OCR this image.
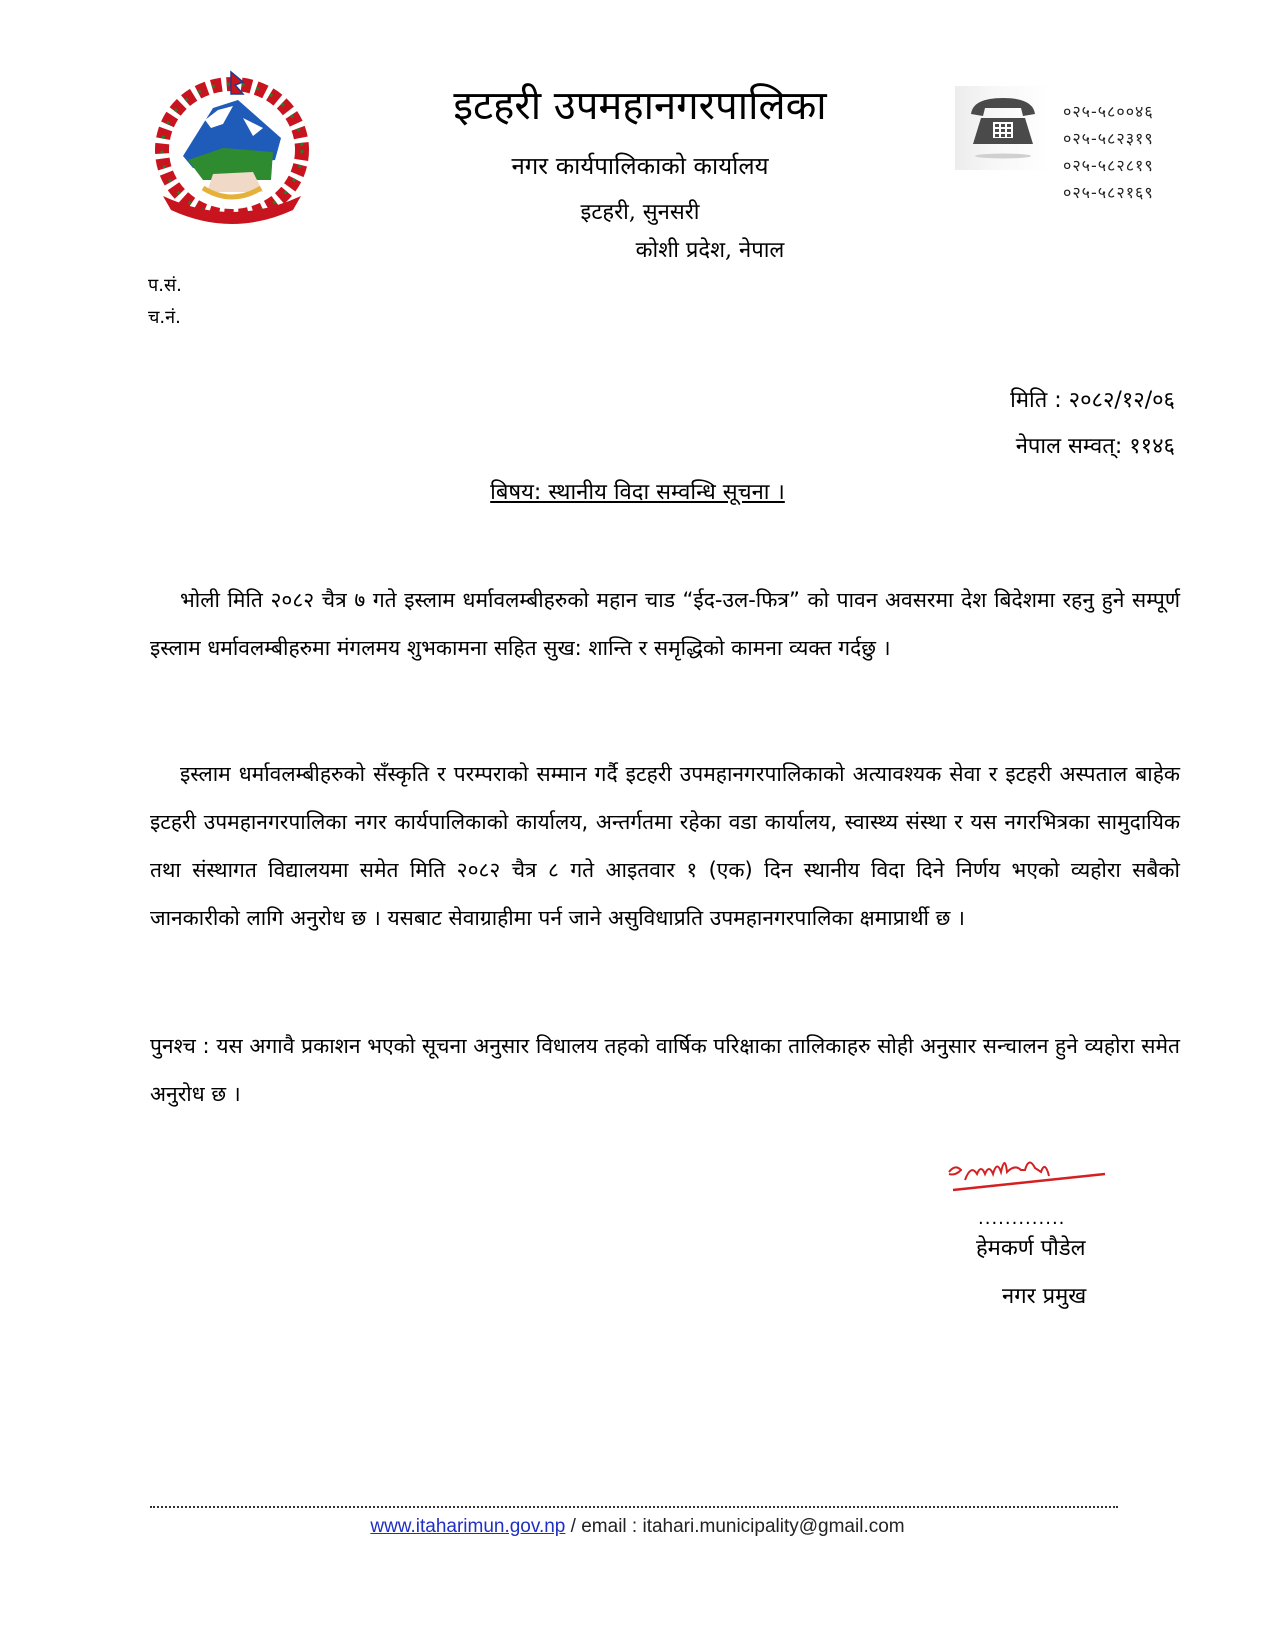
इटहरी उपमहानगरपालिका
नगर कार्यपालिकाको कार्यालय
इटहरी, सुनसरी
कोशी प्रदेश, नेपाल
०२५-५८००४६
०२५-५८२३१९
०२५-५८२८१९
०२५-५८२१६९
प.सं.
च.नं.
मिति : २०८२/१२/०६
नेपाल सम्वत्: ११४६
बिषय: स्थानीय विदा सम्वन्धि सूचना ।
भोली मिति २०८२ चैत्र ७ गते इस्लाम धर्मावलम्बीहरुको महान चाड “ईद-उल-फित्र” को पावन अवसरमा देश बिदेशमा रहनु हुने सम्पूर्ण इस्लाम धर्मावलम्बीहरुमा मंगलमय शुभकामना सहित सुख: शान्ति र समृद्धिको कामना व्यक्त गर्दछु ।
इस्लाम धर्मावलम्बीहरुको सँस्कृति र परम्पराको सम्मान गर्दै इटहरी उपमहानगरपालिकाको अत्यावश्यक सेवा र इटहरी अस्पताल बाहेक इटहरी उपमहानगरपालिका नगर कार्यपालिकाको कार्यालय, अन्तर्गतमा रहेका वडा कार्यालय, स्वास्थ्य संस्था र यस नगरभित्रका सामुदायिक तथा संस्थागत विद्यालयमा समेत मिति २०८२ चैत्र ८ गते आइतवार १ (एक) दिन स्थानीय विदा दिने निर्णय भएको व्यहोरा सबैको जानकारीको लागि अनुरोध छ । यसबाट सेवाग्राहीमा पर्न जाने असुविधाप्रति उपमहानगरपालिका क्षमाप्रार्थी छ ।
पुनश्च : यस अगावै प्रकाशन भएको सूचना अनुसार विधालय तहको वार्षिक परिक्षाका तालिकाहरु सोही अनुसार सन्चालन हुने व्यहोरा समेत अनुरोध छ ।
.............
हेमकर्ण पौडेल
नगर प्रमुख
www.itaharimun.gov.np / email : itahari.municipality@gmail.com
